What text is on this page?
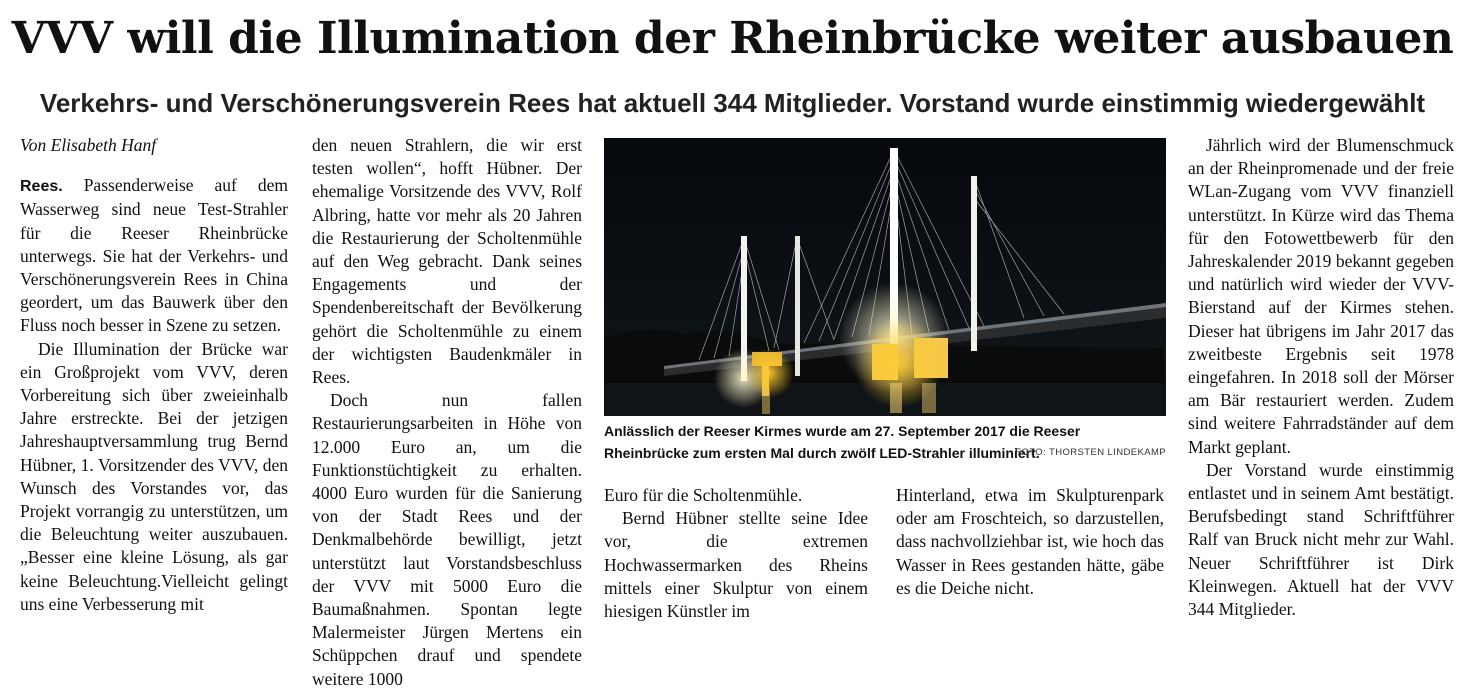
VVV will die Illumination der Rheinbrücke weiter ausbauen
Verkehrs- und Verschönerungsverein Rees hat aktuell 344 Mitglieder. Vorstand wurde einstimmig wiedergewählt

Von Elisabeth Hanf

Rees. Passenderweise auf dem Wasserweg sind neue Test-Strahler für die Reeser Rheinbrücke unterwegs. Sie hat der Verkehrs- und Verschönerungsverein Rees in China geordert, um das Bauwerk über den Fluss noch besser in Szene zu setzen.

Die Illumination der Brücke war ein Großprojekt vom VVV, deren Vorbereitung sich über zweieinhalb Jahre erstreckte. Bei der jetzigen Jahreshauptversammlung trug Bernd Hübner, 1. Vorsitzender des VVV, den Wunsch des Vorstandes vor, das Projekt vorrangig zu unterstützen, um die Beleuchtung weiter auszubauen. „Besser eine kleine Lösung, als gar keine Beleuchtung.Vielleicht gelingt uns eine Verbesserung mit

den neuen Strahlern, die wir erst testen wollen“, hofft Hübner. Der ehemalige Vorsitzende des VVV, Rolf Albring, hatte vor mehr als 20 Jahren die Restaurierung der Scholtenmühle auf den Weg gebracht. Dank seines Engagements und der Spendenbereitschaft der Bevölkerung gehört die Scholtenmühle zu einem der wichtigsten Baudenkmäler in Rees.

Doch nun fallen Restaurierungsarbeiten in Höhe von 12.000 Euro an, um die Funktionstüchtigkeit zu erhalten. 4000 Euro wurden für die Sanierung von der Stadt Rees und der Denkmalbehörde bewilligt, jetzt unterstützt laut Vorstandsbeschluss der VVV mit 5000 Euro die Baumaßnahmen. Spontan legte Malermeister Jürgen Mertens ein Schüppchen drauf und spendete weitere 1000

Anlässlich der Reeser Kirmes wurde am 27. September 2017 die Reeser Rheinbrücke zum ersten Mal durch zwölf LED-Strahler illuminiert.
FOTO: THORSTEN LINDEKAMP

Euro für die Scholtenmühle.

Bernd Hübner stellte seine Idee vor, die extremen Hochwassermarken des Rheins mittels einer Skulptur von einem hiesigen Künstler im

Hinterland, etwa im Skulpturenpark oder am Froschteich, so darzustellen, dass nachvollziehbar ist, wie hoch das Wasser in Rees gestanden hätte, gäbe es die Deiche nicht.

Jährlich wird der Blumenschmuck an der Rheinpromenade und der freie WLan-Zugang vom VVV finanziell unterstützt. In Kürze wird das Thema für den Fotowettbewerb für den Jahreskalender 2019 bekannt gegeben und natürlich wird wieder der VVV-Bierstand auf der Kirmes stehen. Dieser hat übrigens im Jahr 2017 das zweitbeste Ergebnis seit 1978 eingefahren. In 2018 soll der Mörser am Bär restauriert werden. Zudem sind weitere Fahrradständer auf dem Markt geplant.

Der Vorstand wurde einstimmig entlastet und in seinem Amt bestätigt. Berufsbedingt stand Schriftführer Ralf van Bruck nicht mehr zur Wahl. Neuer Schriftführer ist Dirk Kleinwegen. Aktuell hat der VVV 344 Mitglieder.
